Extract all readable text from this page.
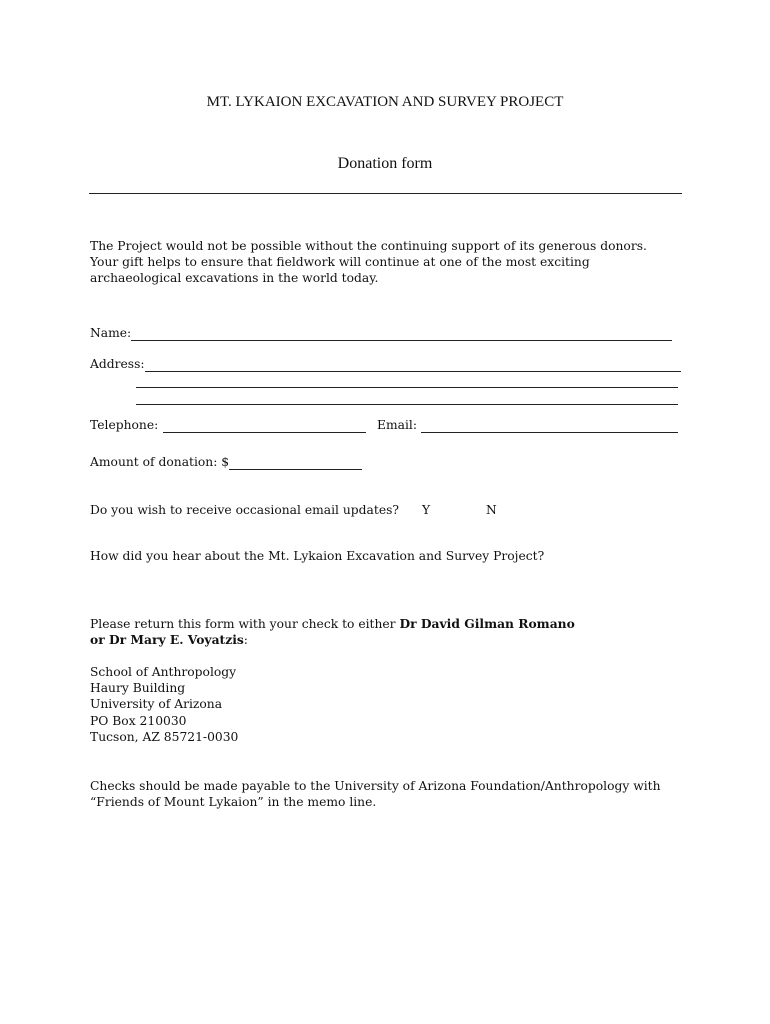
MT. LYKAION EXCAVATION AND SURVEY PROJECT
Donation form
The Project would not be possible without the continuing support of its generous donors.
Your gift helps to ensure that fieldwork will continue at one of the most exciting
archaeological excavations in the world today.
Name:
Address:
Telephone:	Email:
Amount of donation: $
Do you wish to receive occasional email updates? Y	N
How did you hear about the Mt. Lykaion Excavation and Survey Project?
Please return this form with your check to either Dr David Gilman Romano
or Dr Mary E. Voyatzis:
School of Anthropology
Haury Building
University of Arizona
PO Box 210030
Tucson, AZ 85721-0030
Checks should be made payable to the University of Arizona Foundation/Anthropology with
“Friends of Mount Lykaion” in the memo line.
